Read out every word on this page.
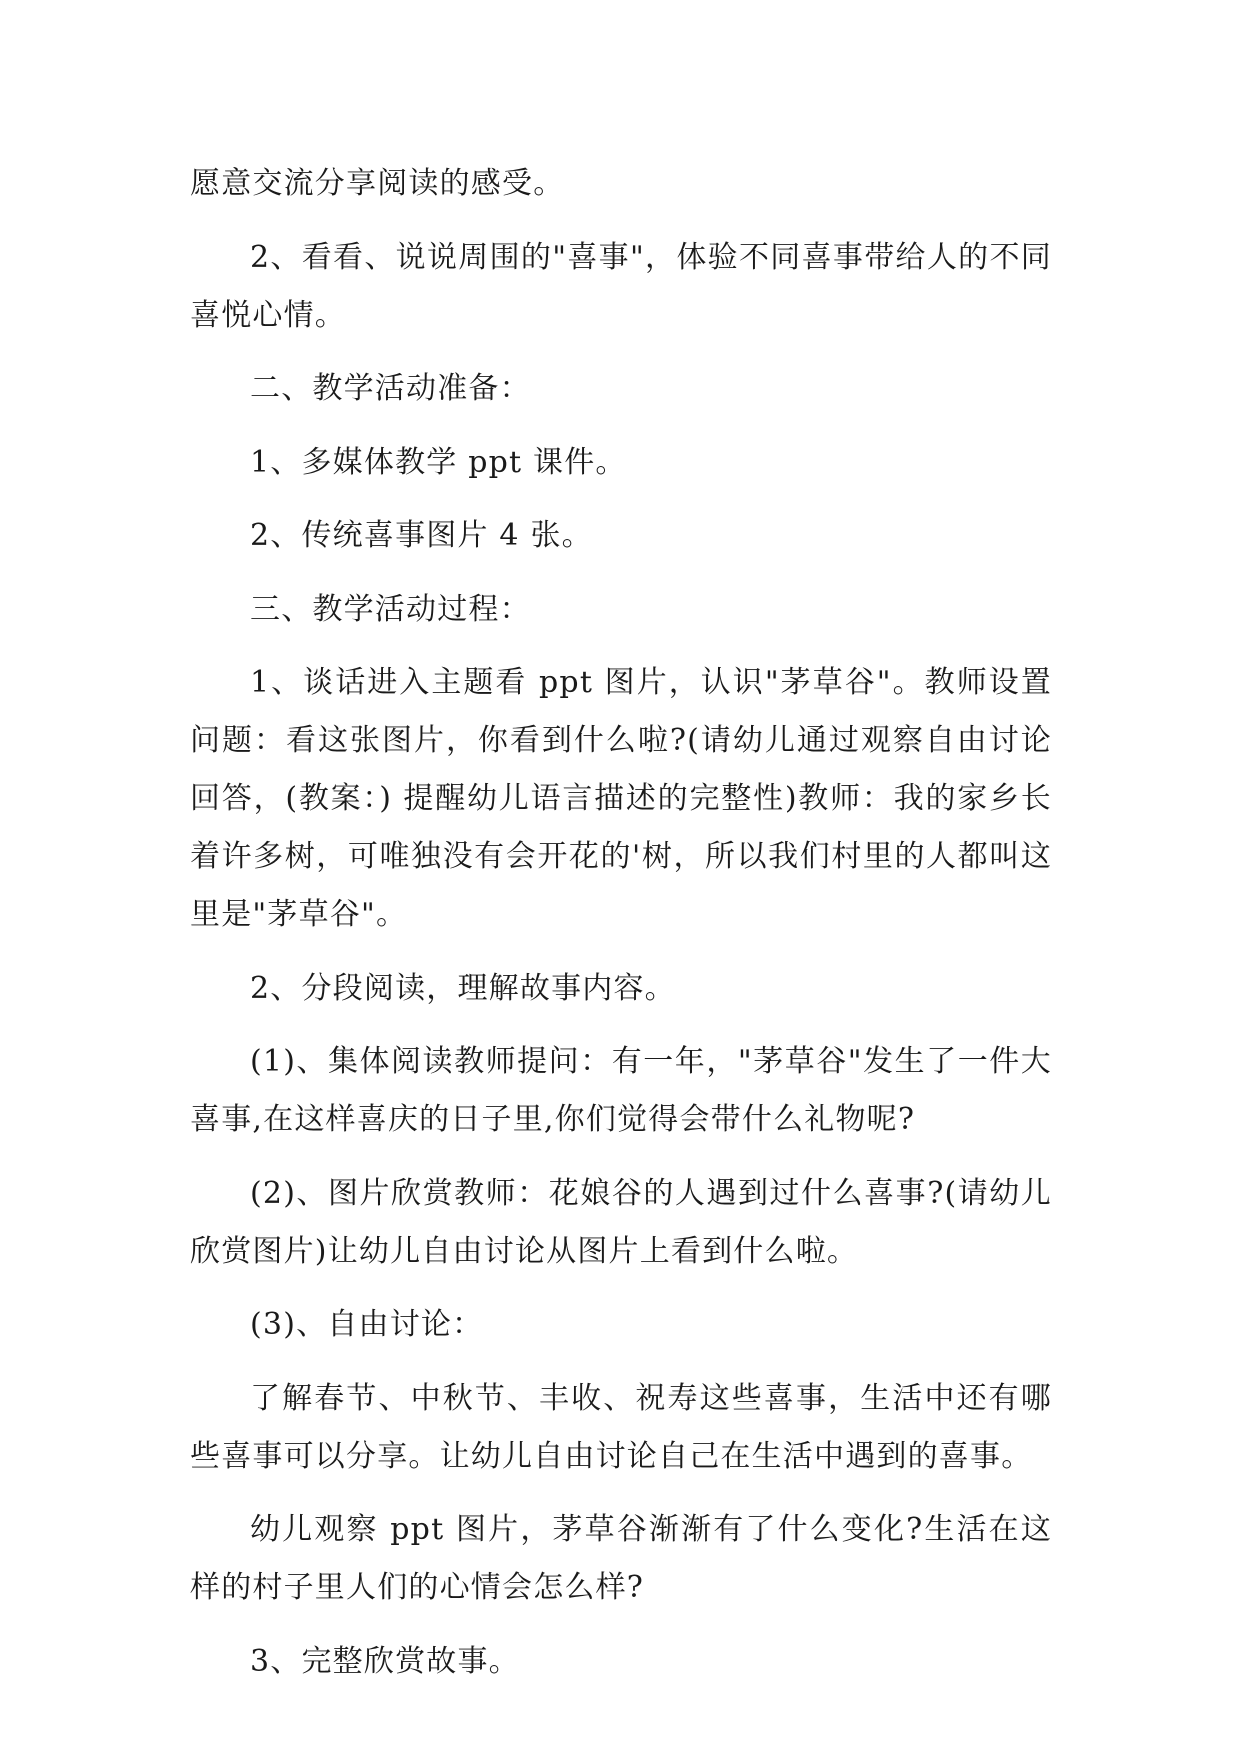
愿意交流分享阅读的感受。

2、看看、说说周围的"喜事"，体验不同喜事带给人的不同喜悦心情。

二、教学活动准备：

1、多媒体教学 ppt 课件。

2、传统喜事图片 4 张。

三、教学活动过程：

1、谈话进入主题看 ppt 图片，认识"茅草谷"。教师设置问题：看这张图片，你看到什么啦?(请幼儿通过观察自由讨论回答，(教案：) 提醒幼儿语言描述的完整性)教师：我的家乡长着许多树，可唯独没有会开花的'树，所以我们村里的人都叫这里是"茅草谷"。

2、分段阅读，理解故事内容。

(1)、集体阅读教师提问：有一年，"茅草谷"发生了一件大喜事,在这样喜庆的日子里,你们觉得会带什么礼物呢?

(2)、图片欣赏教师：花娘谷的人遇到过什么喜事?(请幼儿欣赏图片)让幼儿自由讨论从图片上看到什么啦。

(3)、自由讨论：

了解春节、中秋节、丰收、祝寿这些喜事，生活中还有哪些喜事可以分享。让幼儿自由讨论自己在生活中遇到的喜事。

幼儿观察 ppt 图片，茅草谷渐渐有了什么变化?生活在这样的村子里人们的心情会怎么样?

3、完整欣赏故事。
